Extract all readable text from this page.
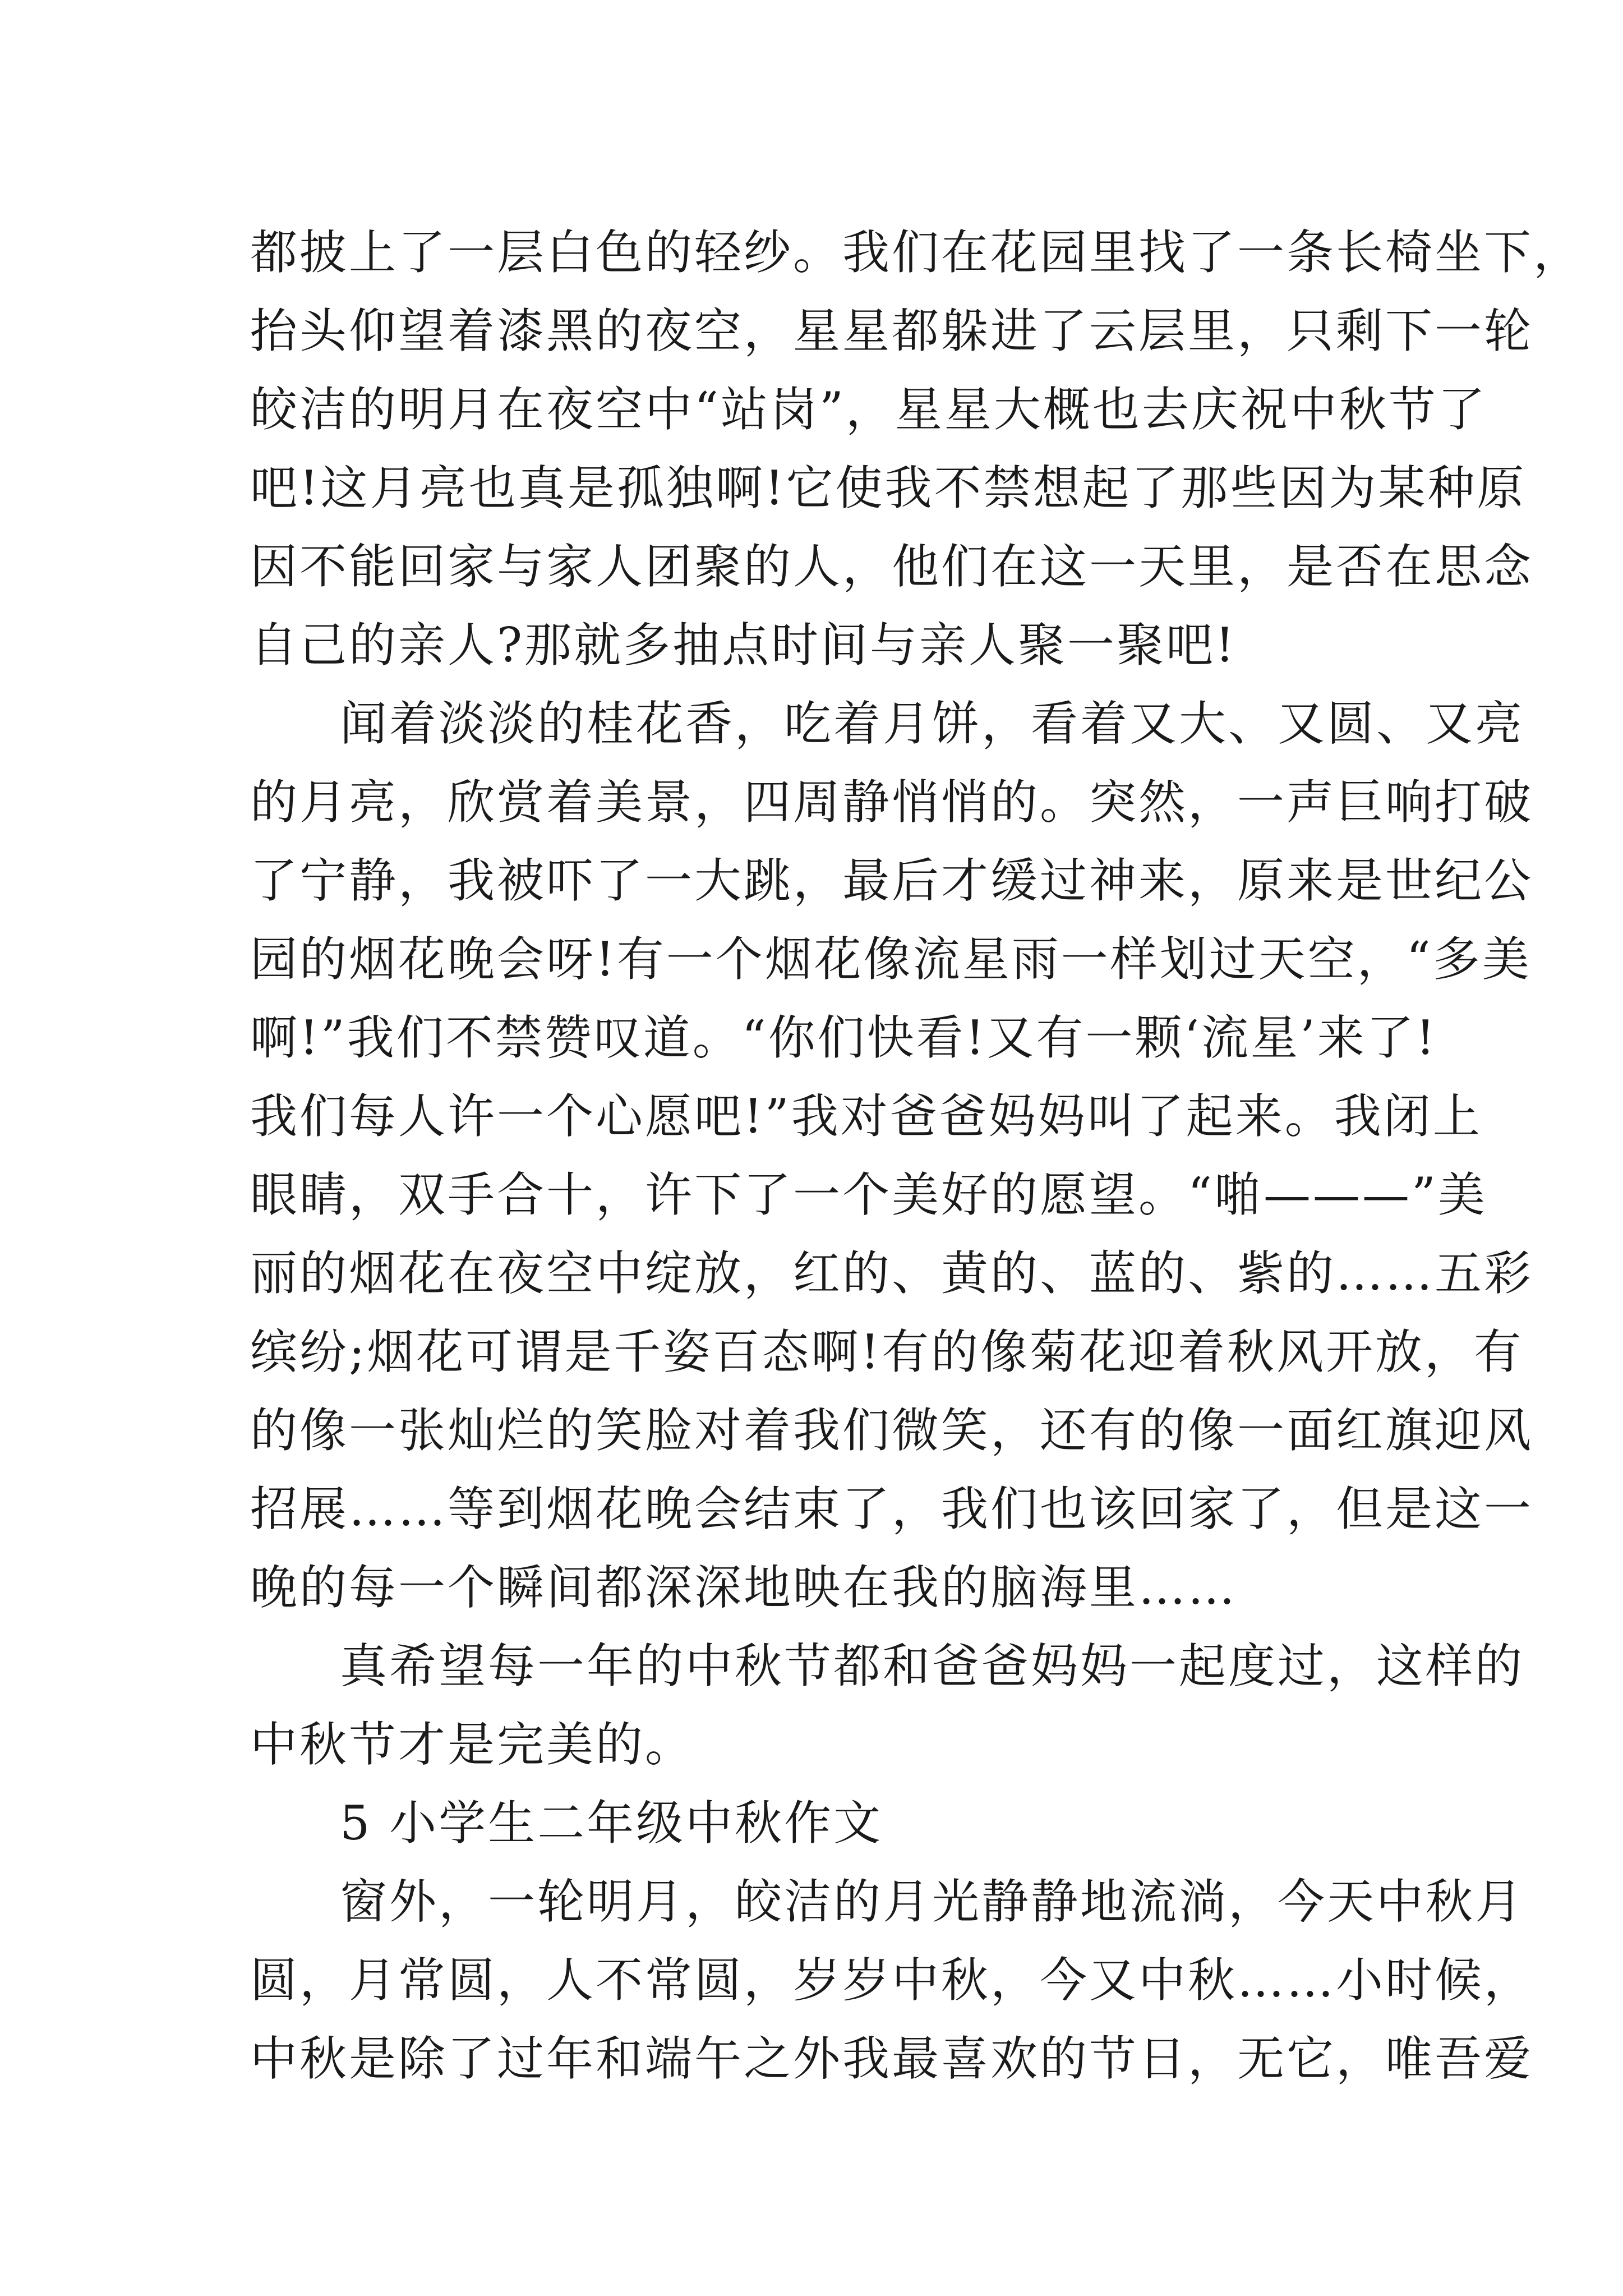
都披上了一层白色的轻纱。我们在花园里找了一条长椅坐下，
抬头仰望着漆黑的夜空，星星都躲进了云层里，只剩下一轮
皎洁的明月在夜空中“站岗”，星星大概也去庆祝中秋节了
吧!这月亮也真是孤独啊!它使我不禁想起了那些因为某种原
因不能回家与家人团聚的人，他们在这一天里，是否在思念
自己的亲人?那就多抽点时间与亲人聚一聚吧!
闻着淡淡的桂花香，吃着月饼，看着又大、又圆、又亮
的月亮，欣赏着美景，四周静悄悄的。突然，一声巨响打破
了宁静，我被吓了一大跳，最后才缓过神来，原来是世纪公
园的烟花晚会呀!有一个烟花像流星雨一样划过天空，“多美
啊!”我们不禁赞叹道。“你们快看!又有一颗‘流星’来了!
我们每人许一个心愿吧!”我对爸爸妈妈叫了起来。我闭上
眼睛，双手合十，许下了一个美好的愿望。“啪———”美
丽的烟花在夜空中绽放，红的、黄的、蓝的、紫的……五彩
缤纷;烟花可谓是千姿百态啊!有的像菊花迎着秋风开放，有
的像一张灿烂的笑脸对着我们微笑，还有的像一面红旗迎风
招展……等到烟花晚会结束了，我们也该回家了，但是这一
晚的每一个瞬间都深深地映在我的脑海里……
真希望每一年的中秋节都和爸爸妈妈一起度过，这样的
中秋节才是完美的。
5 小学生二年级中秋作文
窗外，一轮明月，皎洁的月光静静地流淌，今天中秋月
圆，月常圆，人不常圆，岁岁中秋，今又中秋……小时候，
中秋是除了过年和端午之外我最喜欢的节日，无它，唯吾爱
